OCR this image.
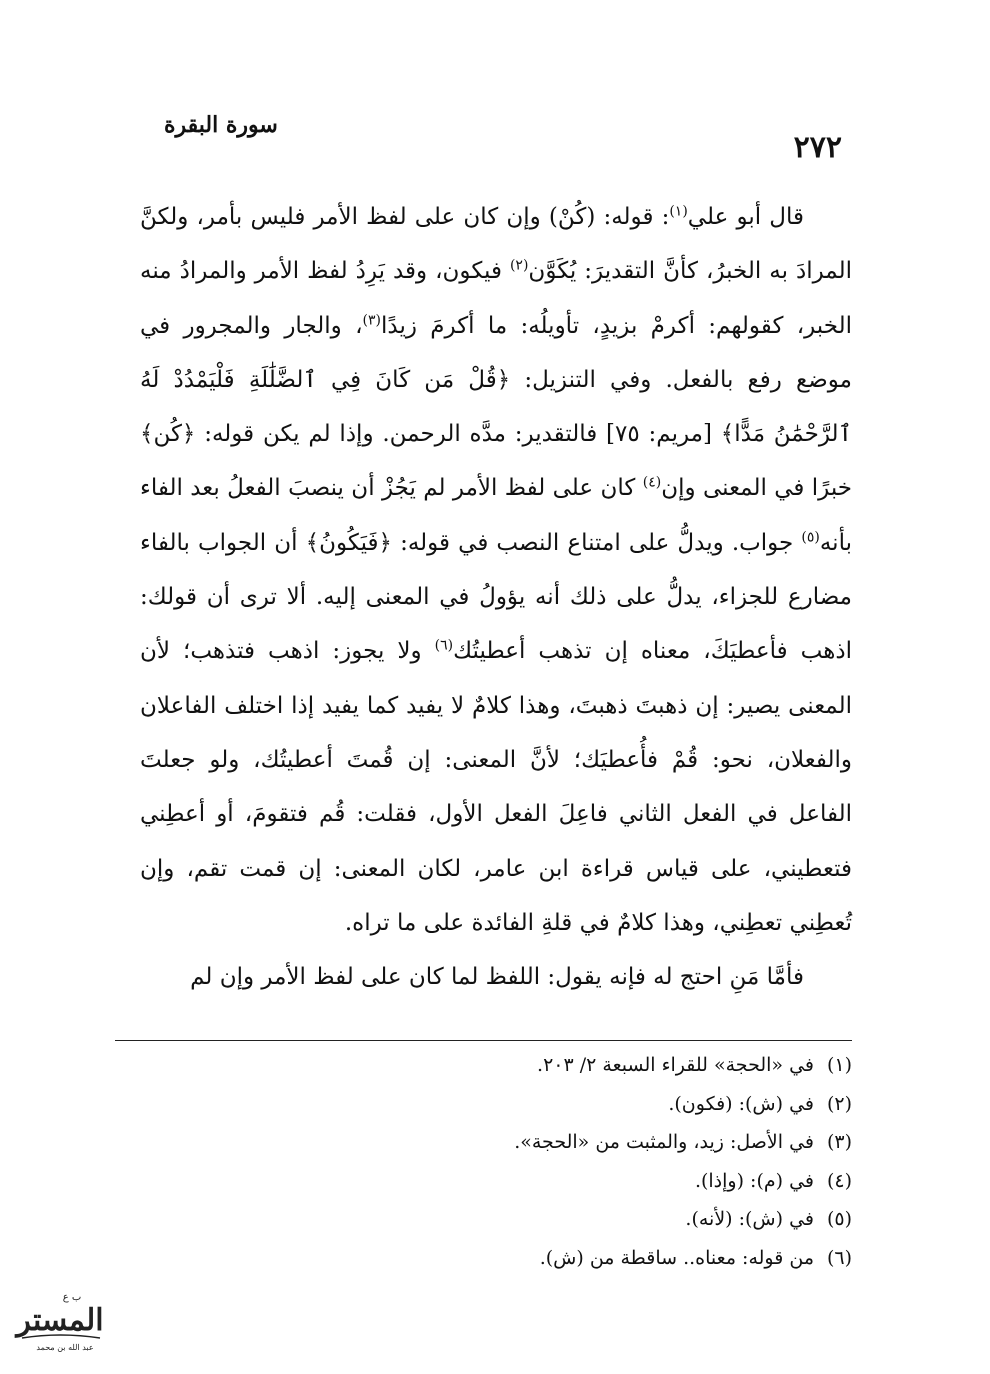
٢٧٢
سورة البقرة

قال أبو علي$^{(١)}$: قوله: (كُنْ) وإن كان على لفظ الأمر فليس بأمر، ولكنَّ المرادَ به الخبرُ، كأنَّ التقديرَ: يُكَوَّن$^{(٢)}$ فيكون، وقد يَرِدُ لفظ الأمر والمرادُ منه الخبر، كقولهم: أكرمْ بزيدٍ، تأويلُه: ما أكرمَ زيدًا$^{(٣)}$، والجار والمجرور في موضع رفع بالفعل. وفي التنزيل: ﴿قُلْ مَن كَانَ فِي ٱلضَّلَٰلَةِ فَلْيَمْدُدْ لَهُ ٱلرَّحْمَٰنُ مَدًّا﴾ [مريم: ٧٥] فالتقدير: مدَّه الرحمن. وإذا لم يكن قوله: ﴿كُن﴾ خبرًا في المعنى وإن$^{(٤)}$ كان على لفظ الأمر لم يَجُزْ أن ينصبَ الفعلُ بعد الفاء بأنه$^{(٥)}$ جواب. ويدلُّ على امتناع النصب في قوله: ﴿فَيَكُونُ﴾ أن الجواب بالفاء مضارع للجزاء، يدلُّ على ذلك أنه يؤولُ في المعنى إليه. ألا ترى أن قولك: اذهب فأعطيَكَ، معناه إن تذهب أعطيتُك$^{(٦)}$ ولا يجوز: اذهب فتذهب؛ لأن المعنى يصير: إن ذهبتَ ذهبتَ، وهذا كلامٌ لا يفيد كما يفيد إذا اختلف الفاعلان والفعلان، نحو: قُمْ فأُعطيَك؛ لأنَّ المعنى: إن قُمتَ أعطيتُك، ولو جعلتَ الفاعل في الفعل الثاني فاعِلَ الفعل الأول، فقلت: قُم فتقومَ، أو أعطِني فتعطيني، على قياس قراءة ابن عامر، لكان المعنى: إن قمت تقم، وإن تُعطِني تعطِني، وهذا كلامٌ في قلةِ الفائدة على ما تراه.

فأمَّا مَنِ احتج له فإنه يقول: اللفظ لما كان على لفظ الأمر وإن لم

(١)في «الحجة» للقراء السبعة ٢/ ٢٠٣.
(٢)في (ش): (فكون).
(٣)في الأصل: زيد، والمثبت من «الحجة».
(٤)في (م): (وإذا).
(٥)في (ش): (لأنه).
(٦)من قوله: معناه.. ساقطة من (ش).
ب ع
المستر
عبد الله بن محمد
